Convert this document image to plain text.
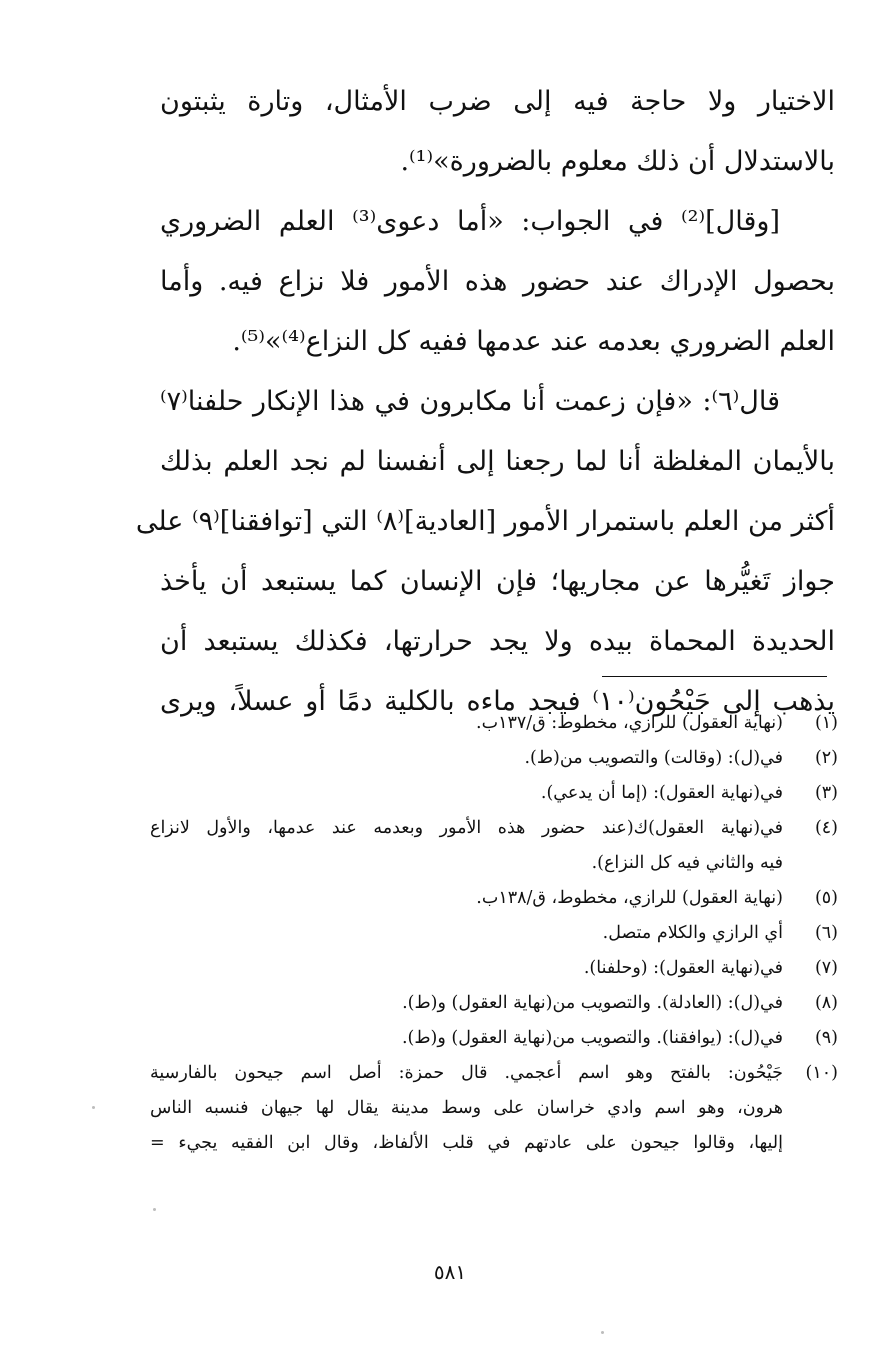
الاختيار ولا حاجة فيه إلى ضرب الأمثال، وتارة يثبتون
بالاستدلال أن ذلك معلوم بالضرورة»⁽¹⁾.
[وقال]⁽²⁾ في الجواب: «أما دعوى⁽³⁾ العلم الضروري
بحصول الإدراك عند حضور هذه الأمور فلا نزاع فيه. وأما
العلم الضروري بعدمه عند عدمها ففيه كل النزاع⁽⁴⁾»⁽⁵⁾.
قال⁽٦⁾: «فإن زعمت أنا مكابرون في هذا الإنكار حلفنا⁽٧⁾
بالأيمان المغلظة أنا لما رجعنا إلى أنفسنا لم نجد العلم بذلك
أكثر من العلم باستمرار الأمور [العادية]⁽٨⁾ التي [توافقنا]⁽٩⁾ على
جواز تَغيُّرها عن مجاريها؛ فإن الإنسان كما يستبعد أن يأخذ
الحديدة المحماة بيده ولا يجد حرارتها، فكذلك يستبعد أن
يذهب إلى جَيْحُون⁽١٠⁾ فيجد ماءه بالكلية دمًا أو عسلاً، ويرى
(١)
(نهاية العقول) للرازي، مخطوط: ق/١٣٧ب.
(٢)
في(ل): (وقالت) والتصويب من(ط).
(٣)
في(نهاية العقول): (إما أن يدعي).
(٤)
في(نهاية العقول)ك(عند حضور هذه الأمور وبعدمه عند عدمها، والأول لانزاع
فيه والثاني فيه كل النزاع).
(٥)
(نهاية العقول) للرازي، مخطوط، ق/١٣٨ب.
(٦)
أي الرازي والكلام متصل.
(٧)
في(نهاية العقول): (وحلفنا).
(٨)
في(ل): (العادلة). والتصويب من(نهاية العقول) و(ط).
(٩)
في(ل): (يوافقنا). والتصويب من(نهاية العقول) و(ط).
(١٠)
جَيْحُون: بالفتح وهو اسم أعجمي. قال حمزة: أصل اسم جيحون بالفارسية
هرون، وهو اسم وادي خراسان على وسط مدينة يقال لها جيهان فنسبه الناس
إليها، وقالوا جيحون على عادتهم في قلب الألفاظ، وقال ابن الفقيه يجيء =
٥٨١
